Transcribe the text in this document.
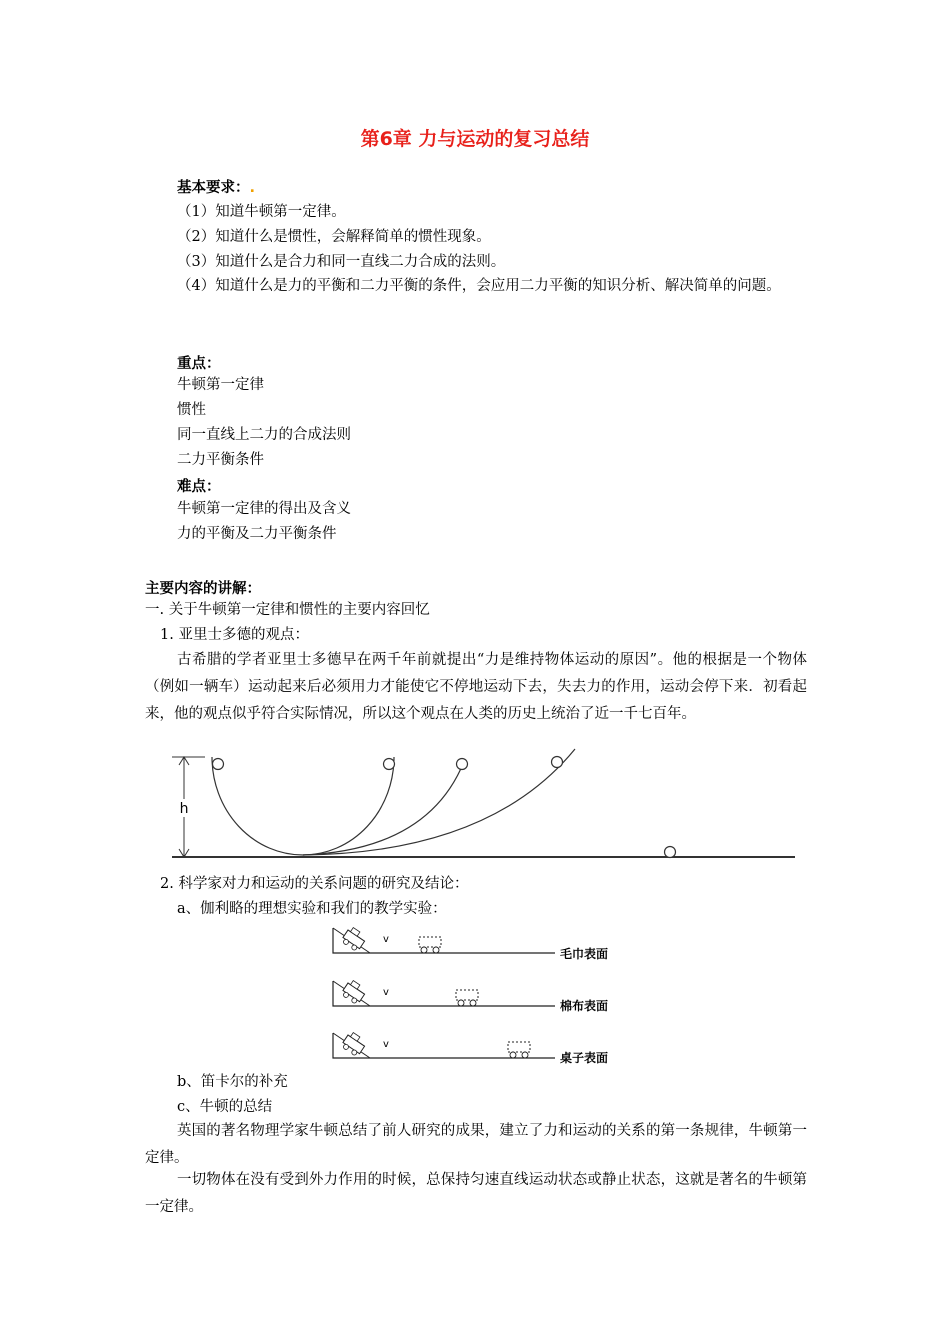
第6章 力与运动的复习总结
基本要求：.
（1）知道牛顿第一定律。
（2）知道什么是惯性，会解释简单的惯性现象。
（3）知道什么是合力和同一直线二力合成的法则。
（4）知道什么是力的平衡和二力平衡的条件，会应用二力平衡的知识分析、解决简单的问题。
重点：
牛顿第一定律
惯性
同一直线上二力的合成法则
二力平衡条件
难点：
牛顿第一定律的得出及含义
力的平衡及二力平衡条件
主要内容的讲解：
一. 关于牛顿第一定律和惯性的主要内容回忆
1. 亚里士多德的观点：
古希腊的学者亚里士多德早在两千年前就提出“力是维持物体运动的原因”。他的根据是一个物体（例如一辆车）运动起来后必须用力才能使它不停地运动下去，失去力的作用，运动会停下来．初看起来，他的观点似乎符合实际情况，所以这个观点在人类的历史上统治了近一千七百年。
h
2. 科学家对力和运动的关系问题的研究及结论：
a、伽利略的理想实验和我们的教学实验：
v
毛巾表面
v
棉布表面
v
桌子表面
b、笛卡尔的补充
c、牛顿的总结
英国的著名物理学家牛顿总结了前人研究的成果，建立了力和运动的关系的第一条规律，牛顿第一定律。
一切物体在没有受到外力作用的时候，总保持匀速直线运动状态或静止状态，这就是著名的牛顿第一定律。
